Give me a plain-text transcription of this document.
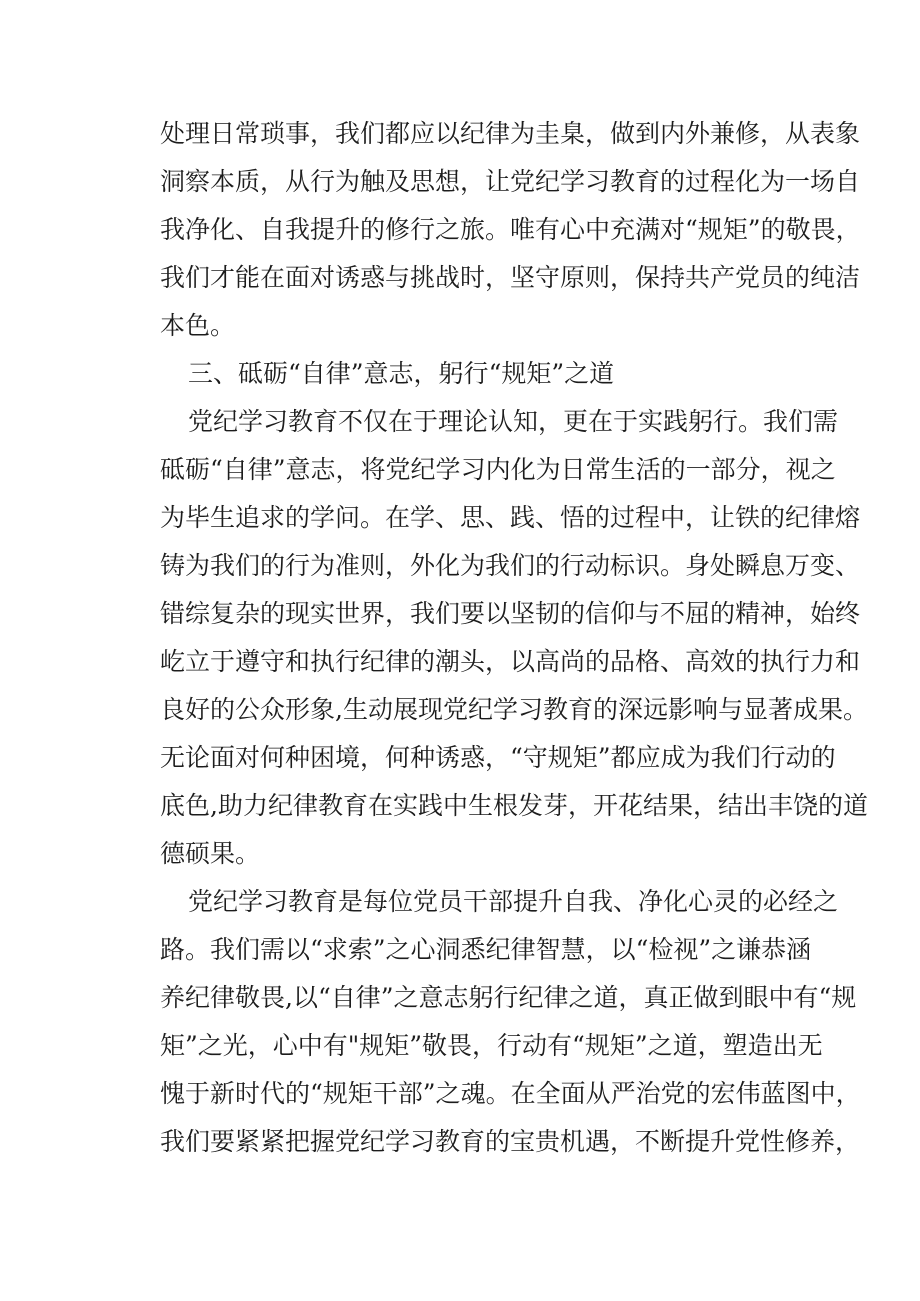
处理日常琐事，我们都应以纪律为圭臬，做到内外兼修，从表象

洞察本质，从行为触及思想，让党纪学习教育的过程化为一场自

我净化、自我提升的修行之旅。唯有心中充满对“规矩”的敬畏，

我们才能在面对诱惑与挑战时，坚守原则，保持共产党员的纯洁

本色。

三、砥砺“自律”意志，躬行“规矩”之道

党纪学习教育不仅在于理论认知，更在于实践躬行。我们需

砥砺“自律”意志，将党纪学习内化为日常生活的一部分，视之

为毕生追求的学问。在学、思、践、悟的过程中，让铁的纪律熔

铸为我们的行为准则，外化为我们的行动标识。身处瞬息万变、

错综复杂的现实世界，我们要以坚韧的信仰与不屈的精神，始终

屹立于遵守和执行纪律的潮头，以高尚的品格、高效的执行力和

良好的公众形象,生动展现党纪学习教育的深远影响与显著成果。

无论面对何种困境，何种诱惑，“守规矩”都应成为我们行动的

底色,助力纪律教育在实践中生根发芽，开花结果，结出丰饶的道

德硕果。

党纪学习教育是每位党员干部提升自我、净化心灵的必经之

路。我们需以“求索”之心洞悉纪律智慧，以“检视”之谦恭涵

养纪律敬畏,以“自律”之意志躬行纪律之道，真正做到眼中有“规

矩”之光，心中有"规矩”敬畏，行动有“规矩”之道，塑造出无

愧于新时代的“规矩干部”之魂。在全面从严治党的宏伟蓝图中，

我们要紧紧把握党纪学习教育的宝贵机遇，不断提升党性修养，
